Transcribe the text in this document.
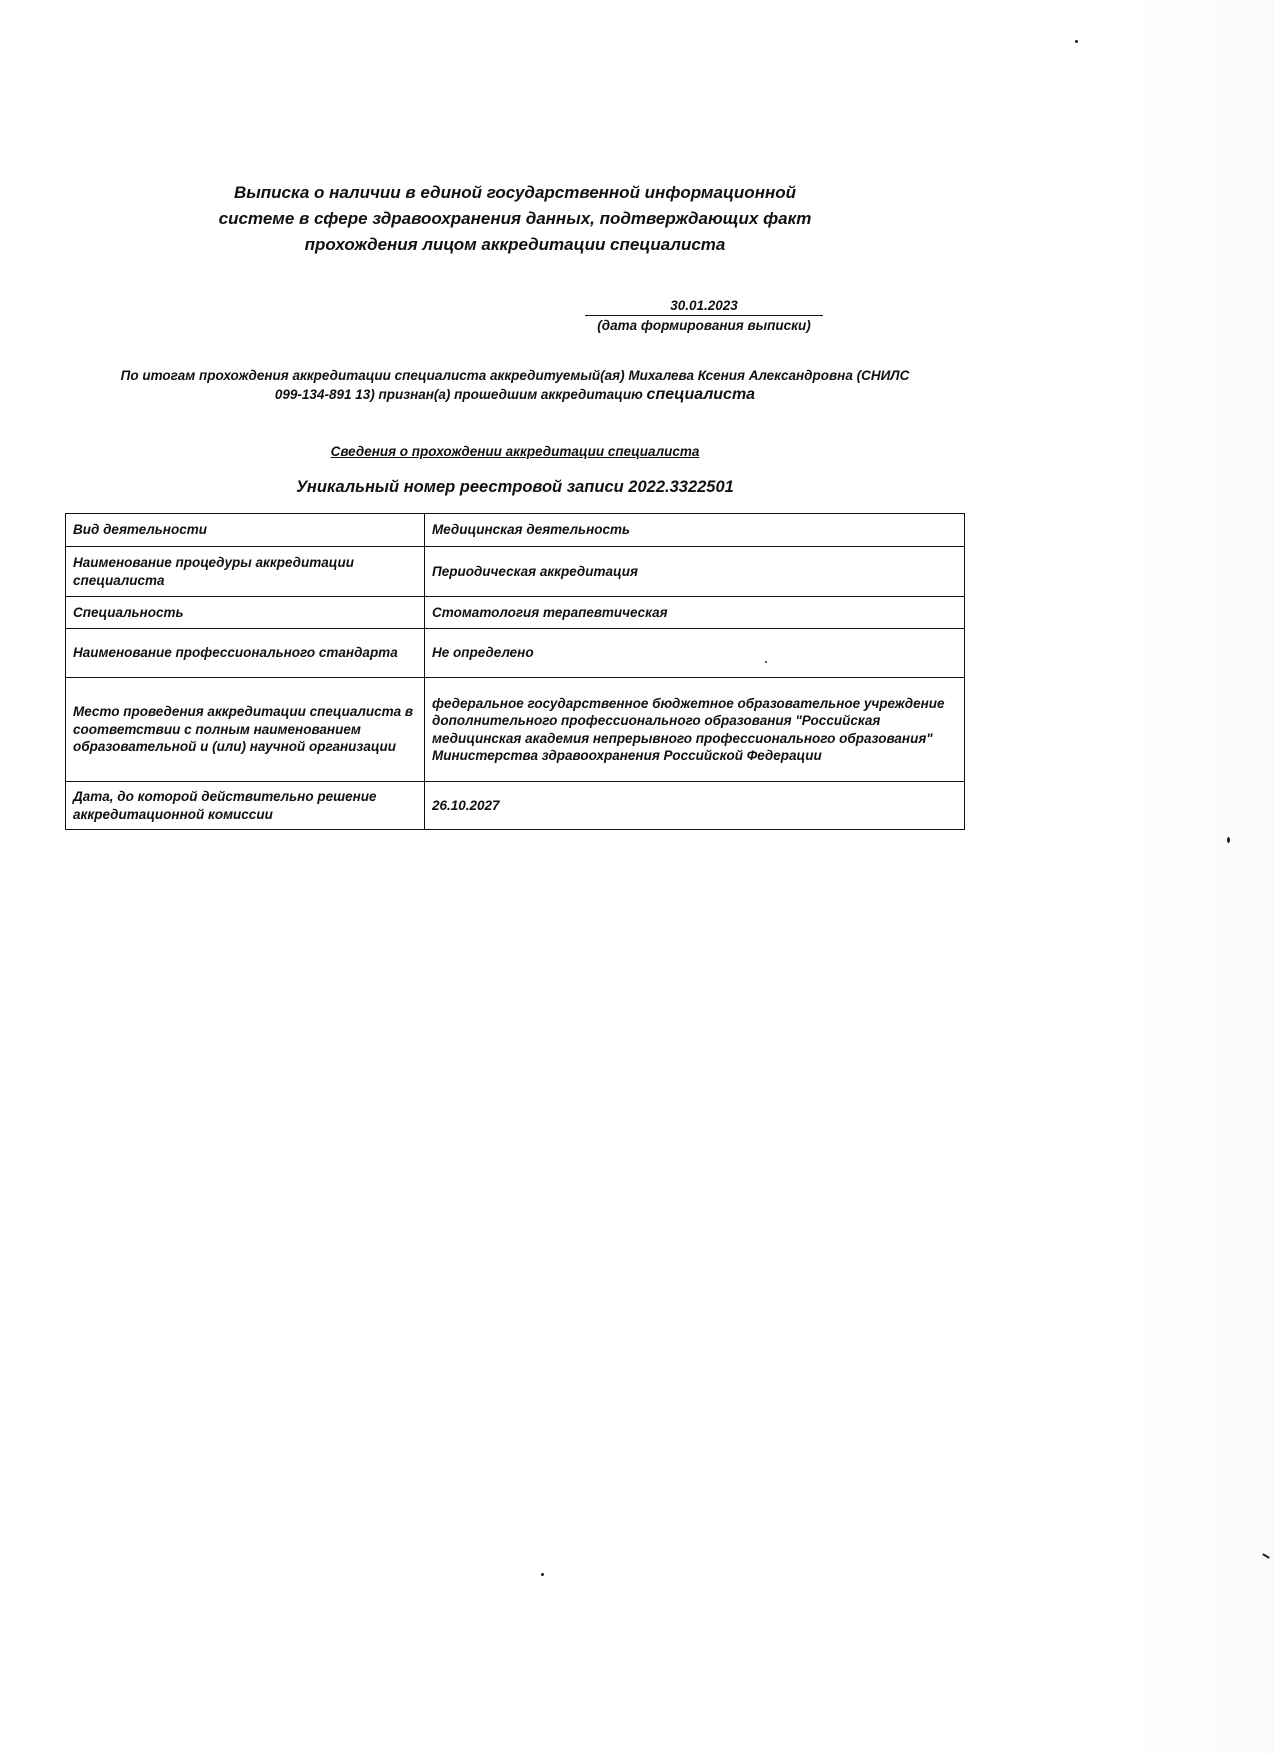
Выписка о наличии в единой государственной информационной
системе в сфере здравоохранения данных, подтверждающих факт
прохождения лицом аккредитации специалиста
30.01.2023
(дата формирования выписки)
По итогам прохождения аккредитации специалиста аккредитуемый(ая) Михалева Ксения Александровна (СНИЛС
099-134-891 13) признан(а) прошедшим аккредитацию специалиста
Сведения о прохождении аккредитации специалиста
Уникальный номер реестровой записи 2022.3322501
Вид деятельности	Медицинская деятельность
Наименование процедуры аккредитации специалиста	Периодическая аккредитация
Специальность	Стоматология терапевтическая
Наименование профессионального стандарта	Не определено
Место проведения аккредитации специалиста в соответствии с полным наименованием образовательной и (или) научной организации	федеральное государственное бюджетное образовательное учреждение дополнительного профессионального образования "Российская медицинская академия непрерывного профессионального образования" Министерства здравоохранения Российской Федерации
Дата, до которой действительно решение аккредитационной комиссии	26.10.2027
